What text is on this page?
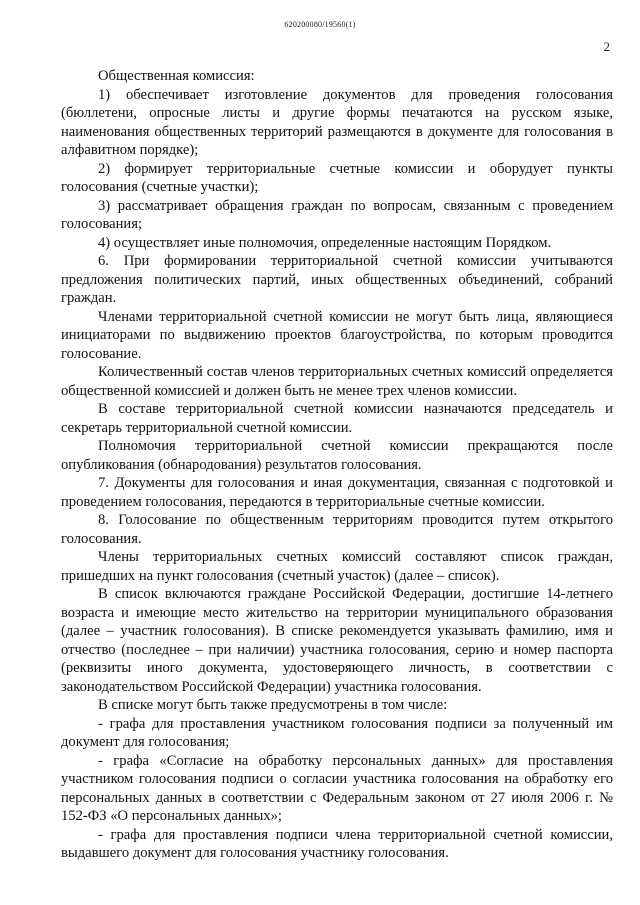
620200080/19560(1)
2

Общественная комиссия:

1) обеспечивает изготовление документов для проведения голосования (бюллетени, опросные листы и другие формы печатаются на русском языке, наименования общественных территорий размещаются в документе для голосования в алфавитном порядке);

2) формирует территориальные счетные комиссии и оборудует пункты голосования (счетные участки);

3) рассматривает обращения граждан по вопросам, связанным с проведением голосования;

4) осуществляет иные полномочия, определенные настоящим Порядком.

6. При формировании территориальной счетной комиссии учитываются предложения политических партий, иных общественных объединений, собраний граждан.

Членами территориальной счетной комиссии не могут быть лица, являющиеся инициаторами по выдвижению проектов благоустройства, по которым проводится голосование.

Количественный состав членов территориальных счетных комиссий определяется общественной комиссией и должен быть не менее трех членов комиссии.

В составе территориальной счетной комиссии назначаются председатель и секретарь территориальной счетной комиссии.

Полномочия территориальной счетной комиссии прекращаются после опубликования (обнародования) результатов голосования.

7. Документы для голосования и иная документация, связанная с подготовкой и проведением голосования, передаются в территориальные счетные комиссии.

8. Голосование по общественным территориям проводится путем открытого голосования.

Члены территориальных счетных комиссий составляют список граждан, пришедших на пункт голосования (счетный участок) (далее – список).

В список включаются граждане Российской Федерации, достигшие 14-летнего возраста и имеющие место жительство на территории муниципального образования (далее – участник голосования). В списке рекомендуется указывать фамилию, имя и отчество (последнее – при наличии) участника голосования, серию и номер паспорта (реквизиты иного документа, удостоверяющего личность, в соответствии с законодательством Российской Федерации) участника голосования.

В списке могут быть также предусмотрены в том числе:

- графа для проставления участником голосования подписи за полученный им документ для голосования;

- графа «Согласие на обработку персональных данных» для проставления участником голосования подписи о согласии участника голосования на обработку его персональных данных в соответствии с Федеральным законом от 27 июля 2006 г. № 152-ФЗ «О персональных данных»;

- графа для проставления подписи члена территориальной счетной комиссии, выдавшего документ для голосования участнику голосования.
